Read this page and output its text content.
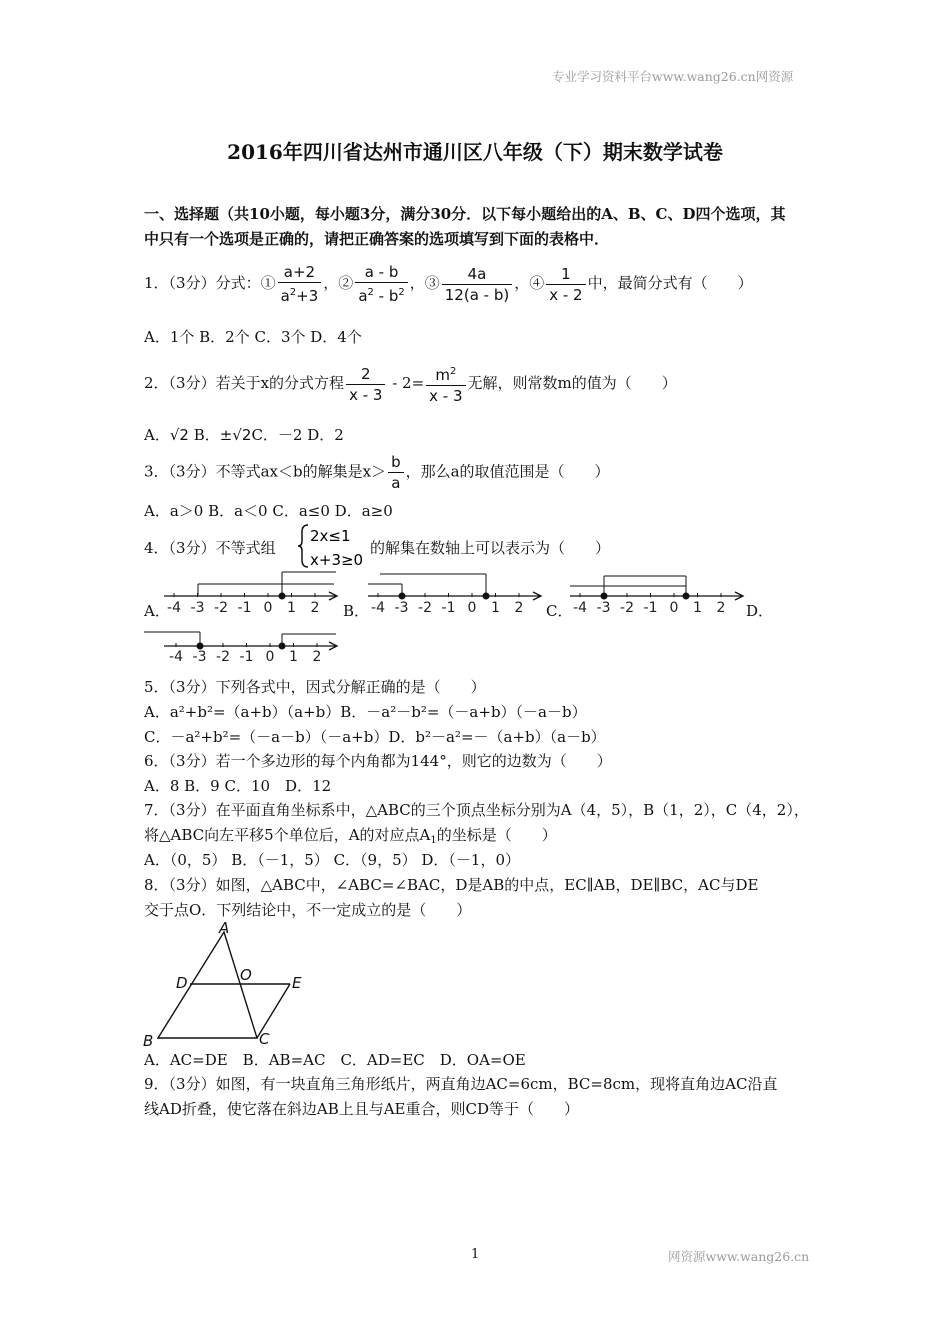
专业学习资料平台www.wang26.cn网资源
2016年四川省达州市通川区八年级（下）期末数学试卷
一、选择题（共10小题，每小题3分，满分30分．以下每小题给出的A、B、C、D四个选项，其
中只有一个选项是正确的，请把正确答案的选项填写到下面的表格中．
1．（3分）分式：① $\frac{a+2}{a^2+3}$ ，② $\frac{a - b}{a^2 - b^2}$ ，③ $\frac{4a}{12(a - b)}$ ，④ $\frac{1}{x - 2}$ 中，最简分式有（　　）
A．1个 B．2个 C．3个 D．4个
2．（3分）若关于x的分式方程 $\frac{2}{x - 3} - 2= \frac{m^2}{x - 3}$ 无解，则常数m的值为（　　）
A．√2 B．±√2C．－2 D．2
3．（3分）不等式ax＜b的解集是$x> \frac{b}{a}$ ，那么a的取值范围是（　　）
A．a＞0 B．a＜0 C．a≤0 D．a≥0
4．（3分）不等式组
2x≤1
x+3≥0
的解集在数轴上可以表示为（　　）
A．	B．	C．	D．
-4 -3 -2 -1 0 1 2	-4 -3 -2 -1 0 1 2	-4 -3 -2 -1 0 1 2
-4 -3 -2 -1 0 1 2
5．（3分）下列各式中，因式分解正确的是（　　）
A．a²+b²=（a+b）（a+b）B．－a²－b²=（－a+b）（－a－b）
C．－a²+b²=（－a－b）（－a+b）D．b²－a²=－（a+b）（a－b）
6．（3分）若一个多边形的每个内角都为144°，则它的边数为（　　）
A．8 B．9 C．10　D．12
7．（3分）在平面直角坐标系中，△ABC的三个顶点坐标分别为A（4，5），B（1，2），C（4，2），
将△ABC向左平移5个单位后，A的对应点$A_1$的坐标是（　　）
A．（0，5） B．（－1，5） C．（9，5） D．（－1，0）
8．（3分）如图，△ABC中，∠ABC=∠BAC，D是AB的中点，EC∥AB，DE∥BC，AC与DE
交于点O．下列结论中，不一定成立的是（　　）
A
B	C
D	E
O
A．AC=DE　B．AB=AC　C．AD=EC　D．OA=OE
9．（3分）如图，有一块直角三角形纸片，两直角边AC=6cm，BC=8cm，现将直角边AC沿直
线AD折叠，使它落在斜边AB上且与AE重合，则CD等于（　　）
1	网资源www.wang26.cn
